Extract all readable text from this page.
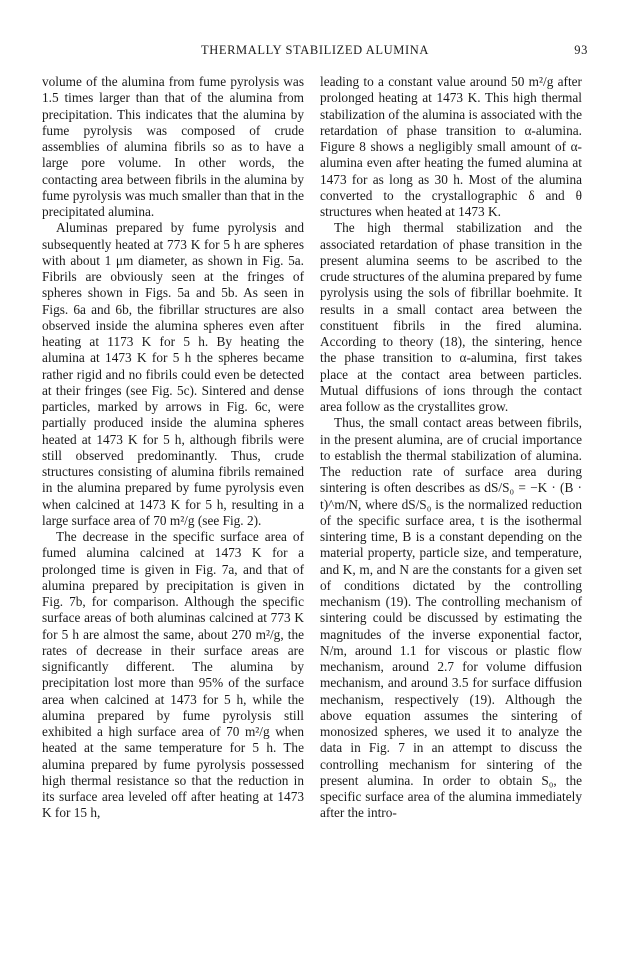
THERMALLY STABILIZED ALUMINA	93

volume of the alumina from fume pyrolysis was 1.5 times larger than that of the alumina from precipitation. This indicates that the alumina by fume pyrolysis was composed of crude assemblies of alumina fibrils so as to have a large pore volume. In other words, the contacting area between fibrils in the alumina by fume pyrolysis was much smaller than that in the precipitated alumina.

Aluminas prepared by fume pyrolysis and subsequently heated at 773 K for 5 h are spheres with about 1 μm diameter, as shown in Fig. 5a. Fibrils are obviously seen at the fringes of spheres shown in Figs. 5a and 5b. As seen in Figs. 6a and 6b, the fibrillar structures are also observed inside the alumina spheres even after heating at 1173 K for 5 h. By heating the alumina at 1473 K for 5 h the spheres became rather rigid and no fibrils could even be detected at their fringes (see Fig. 5c). Sintered and dense particles, marked by arrows in Fig. 6c, were partially produced inside the alumina spheres heated at 1473 K for 5 h, although fibrils were still observed predominantly. Thus, crude structures consisting of alumina fibrils remained in the alumina prepared by fume pyrolysis even when calcined at 1473 K for 5 h, resulting in a large surface area of 70 m²/g (see Fig. 2).

The decrease in the specific surface area of fumed alumina calcined at 1473 K for a prolonged time is given in Fig. 7a, and that of alumina prepared by precipitation is given in Fig. 7b, for comparison. Although the specific surface areas of both aluminas calcined at 773 K for 5 h are almost the same, about 270 m²/g, the rates of decrease in their surface areas are significantly different. The alumina by precipitation lost more than 95% of the surface area when calcined at 1473 for 5 h, while the alumina prepared by fume pyrolysis still exhibited a high surface area of 70 m²/g when heated at the same temperature for 5 h. The alumina prepared by fume pyrolysis possessed high thermal resistance so that the reduction in its surface area leveled off after heating at 1473 K for 15 h,

leading to a constant value around 50 m²/g after prolonged heating at 1473 K. This high thermal stabilization of the alumina is associated with the retardation of phase transition to α-alumina. Figure 8 shows a negligibly small amount of α-alumina even after heating the fumed alumina at 1473 for as long as 30 h. Most of the alumina converted to the crystallographic δ and θ structures when heated at 1473 K.

The high thermal stabilization and the associated retardation of phase transition in the present alumina seems to be ascribed to the crude structures of the alumina prepared by fume pyrolysis using the sols of fibrillar boehmite. It results in a small contact area between the constituent fibrils in the fired alumina. According to theory (18), the sintering, hence the phase transition to α-alumina, first takes place at the contact area between particles. Mutual diffusions of ions through the contact area follow as the crystallites grow.

Thus, the small contact areas between fibrils, in the present alumina, are of crucial importance to establish the thermal stabilization of alumina. The reduction rate of surface area during sintering is often describes as dS/S₀ = −K · (B · t)^m/N, where dS/S₀ is the normalized reduction of the specific surface area, t is the isothermal sintering time, B is a constant depending on the material property, particle size, and temperature, and K, m, and N are the constants for a given set of conditions dictated by the controlling mechanism (19). The controlling mechanism of sintering could be discussed by estimating the magnitudes of the inverse exponential factor, N/m, around 1.1 for viscous or plastic flow mechanism, around 2.7 for volume diffusion mechanism, and around 3.5 for surface diffusion mechanism, respectively (19). Although the above equation assumes the sintering of monosized spheres, we used it to analyze the data in Fig. 7 in an attempt to discuss the controlling mechanism for sintering of the present alumina. In order to obtain S₀, the specific surface area of the alumina immediately after the intro-
